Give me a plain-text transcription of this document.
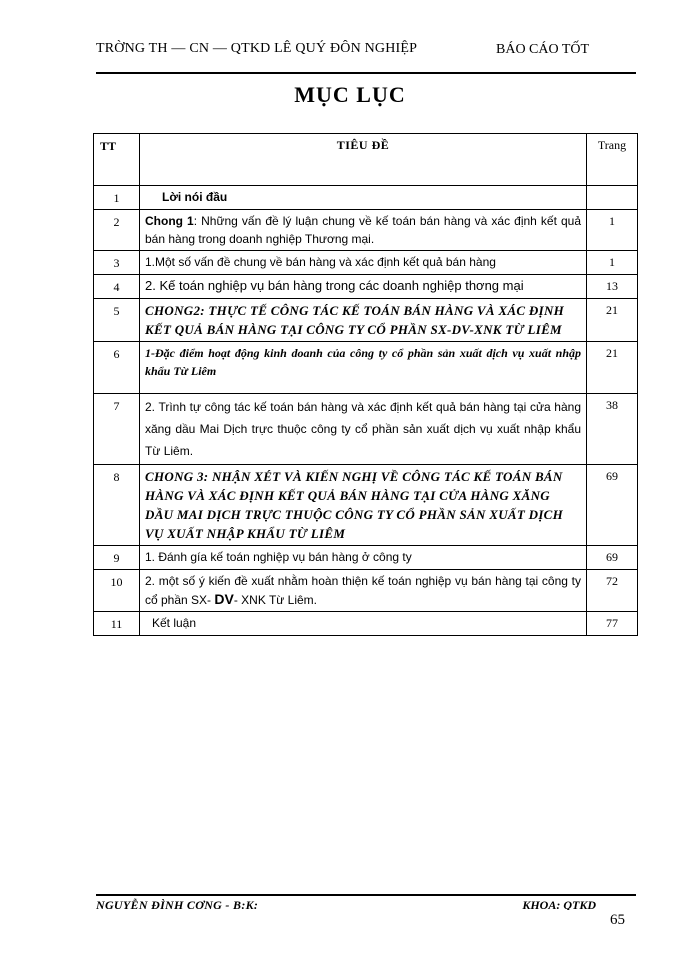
TRỜNG TH — CN — QTKD LÊ QUÝ ĐÔN NGHIỆP	BÁO CÁO TỐT
MỤC LỤC
TT	TIÊU ĐỀ	Trang
1	Lời nói đầu	
2	Chong 1: Những vấn đề lý luận chung về kế toán bán hàng và xác định kết quả bán hàng trong doanh nghiệp Thương mại.	1
3	1.Một số vấn đề chung về bán hàng và xác định kết quả bán hàng	1
4	2. Kế toán nghiệp vụ bán hàng trong các doanh nghiệp thơng mại	13
5	CHONG2: THỰC TẾ CÔNG TÁC KẾ TOÁN BÁN HÀNG VÀ XÁC ĐỊNH KẾT QUẢ BÁN HÀNG TẠI CÔNG TY CỔ PHẦN SX-DV-XNK TỪ LIÊM	21
6	1-Đặc điểm hoạt động kinh doanh của công ty cổ phần sản xuất dịch vụ xuất nhập khẩu Từ Liêm	21
7	2. Trình tự công tác kế toán bán hàng và xác định kết quả bán hàng tại cửa hàng xăng dầu Mai Dịch trực thuộc công ty cổ phần sản xuất dịch vụ xuất nhập khẩu Từ Liêm.	38
8	CHONG 3: NHẬN XÉT VÀ KIẾN NGHỊ VỀ CÔNG TÁC KẾ TOÁN BÁN HÀNG VÀ XÁC ĐỊNH KẾT QUẢ BÁN HÀNG TẠI CỬA HÀNG XĂNG DẦU MAI DỊCH TRỰC THUỘC CÔNG TY CỔ PHẦN SẢN XUẤT DỊCH VỤ XUẤT NHẬP KHẨU TỪ LIÊM	69
9	1. Đánh gía kế toán nghiệp vụ bán hàng ở công ty	69
10	2. một số ý kiến đề xuất nhằm hoàn thiện kế toán nghiệp vụ bán hàng tại công ty cổ phần SX- DV- XNK Từ Liêm.	72
11	Kết luận	77
NGUYỄN ĐÌNH CƠNG - B:K:	KHOA: QTKD
65
